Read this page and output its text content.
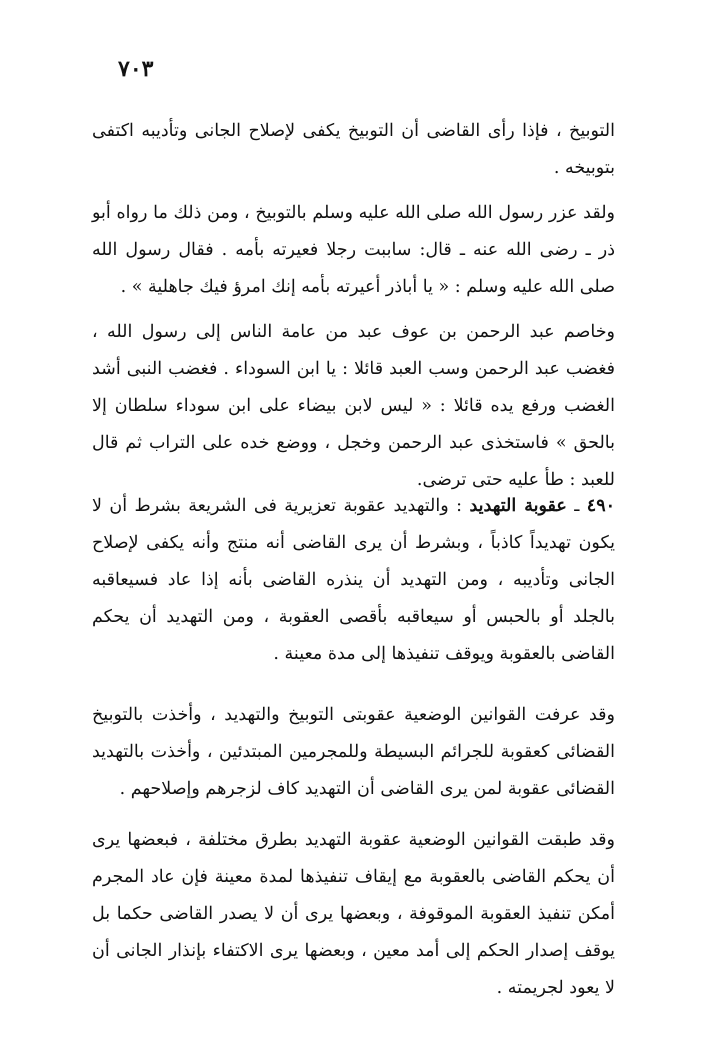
٧٠٣

التوبيخ ، فإذا رأى القاضى أن التوبيخ يكفى لإصلاح الجانى وتأديبه اكتفى بتوبيخه .

ولقد عزر رسول الله صلى الله عليه وسلم بالتوبيخ ، ومن ذلك ما رواه أبو ذر ـ رضى الله عنه ـ قال: ساببت رجلا فعيرته بأمه . فقال رسول الله صلى الله عليه وسلم : « يا أباذر أعيرته بأمه إنك امرؤ فيك جاهلية » .

وخاصم عبد الرحمن بن عوف عبد من عامة الناس إلى رسول الله ، فغضب عبد الرحمن وسب العبد قائلا : يا ابن السوداء . فغضب النبى أشد الغضب ورفع يده قائلا : « ليس لابن بيضاء على ابن سوداء سلطان إلا بالحق » فاستخذى عبد الرحمن وخجل ، ووضع خده على التراب ثم قال للعبد : طأ عليه حتى ترضى.

٤٩٠ ـ عقوبة التهديد : والتهديد عقوبة تعزيرية فى الشريعة بشرط أن لا يكون تهديداً كاذباً ، وبشرط أن يرى القاضى أنه منتج وأنه يكفى لإصلاح الجانى وتأديبه ، ومن التهديد أن ينذره القاضى بأنه إذا عاد فسيعاقبه بالجلد أو بالحبس أو سيعاقبه بأقصى العقوبة ، ومن التهديد أن يحكم القاضى بالعقوبة ويوقف تنفيذها إلى مدة معينة .

وقد عرفت القوانين الوضعية عقوبتى التوبيخ والتهديد ، وأخذت بالتوبيخ القضائى كعقوبة للجرائم البسيطة وللمجرمين المبتدئين ، وأخذت بالتهديد القضائى عقوبة لمن يرى القاضى أن التهديد كاف لزجرهم وإصلاحهم .

وقد طبقت القوانين الوضعية عقوبة التهديد بطرق مختلفة ، فبعضها يرى أن يحكم القاضى بالعقوبة مع إيقاف تنفيذها لمدة معينة فإن عاد المجرم أمكن تنفيذ العقوبة الموقوفة ، وبعضها يرى أن لا يصدر القاضى حكما بل يوقف إصدار الحكم إلى أمد معين ، وبعضها يرى الاكتفاء بإنذار الجانى أن لا يعود لجريمته .
